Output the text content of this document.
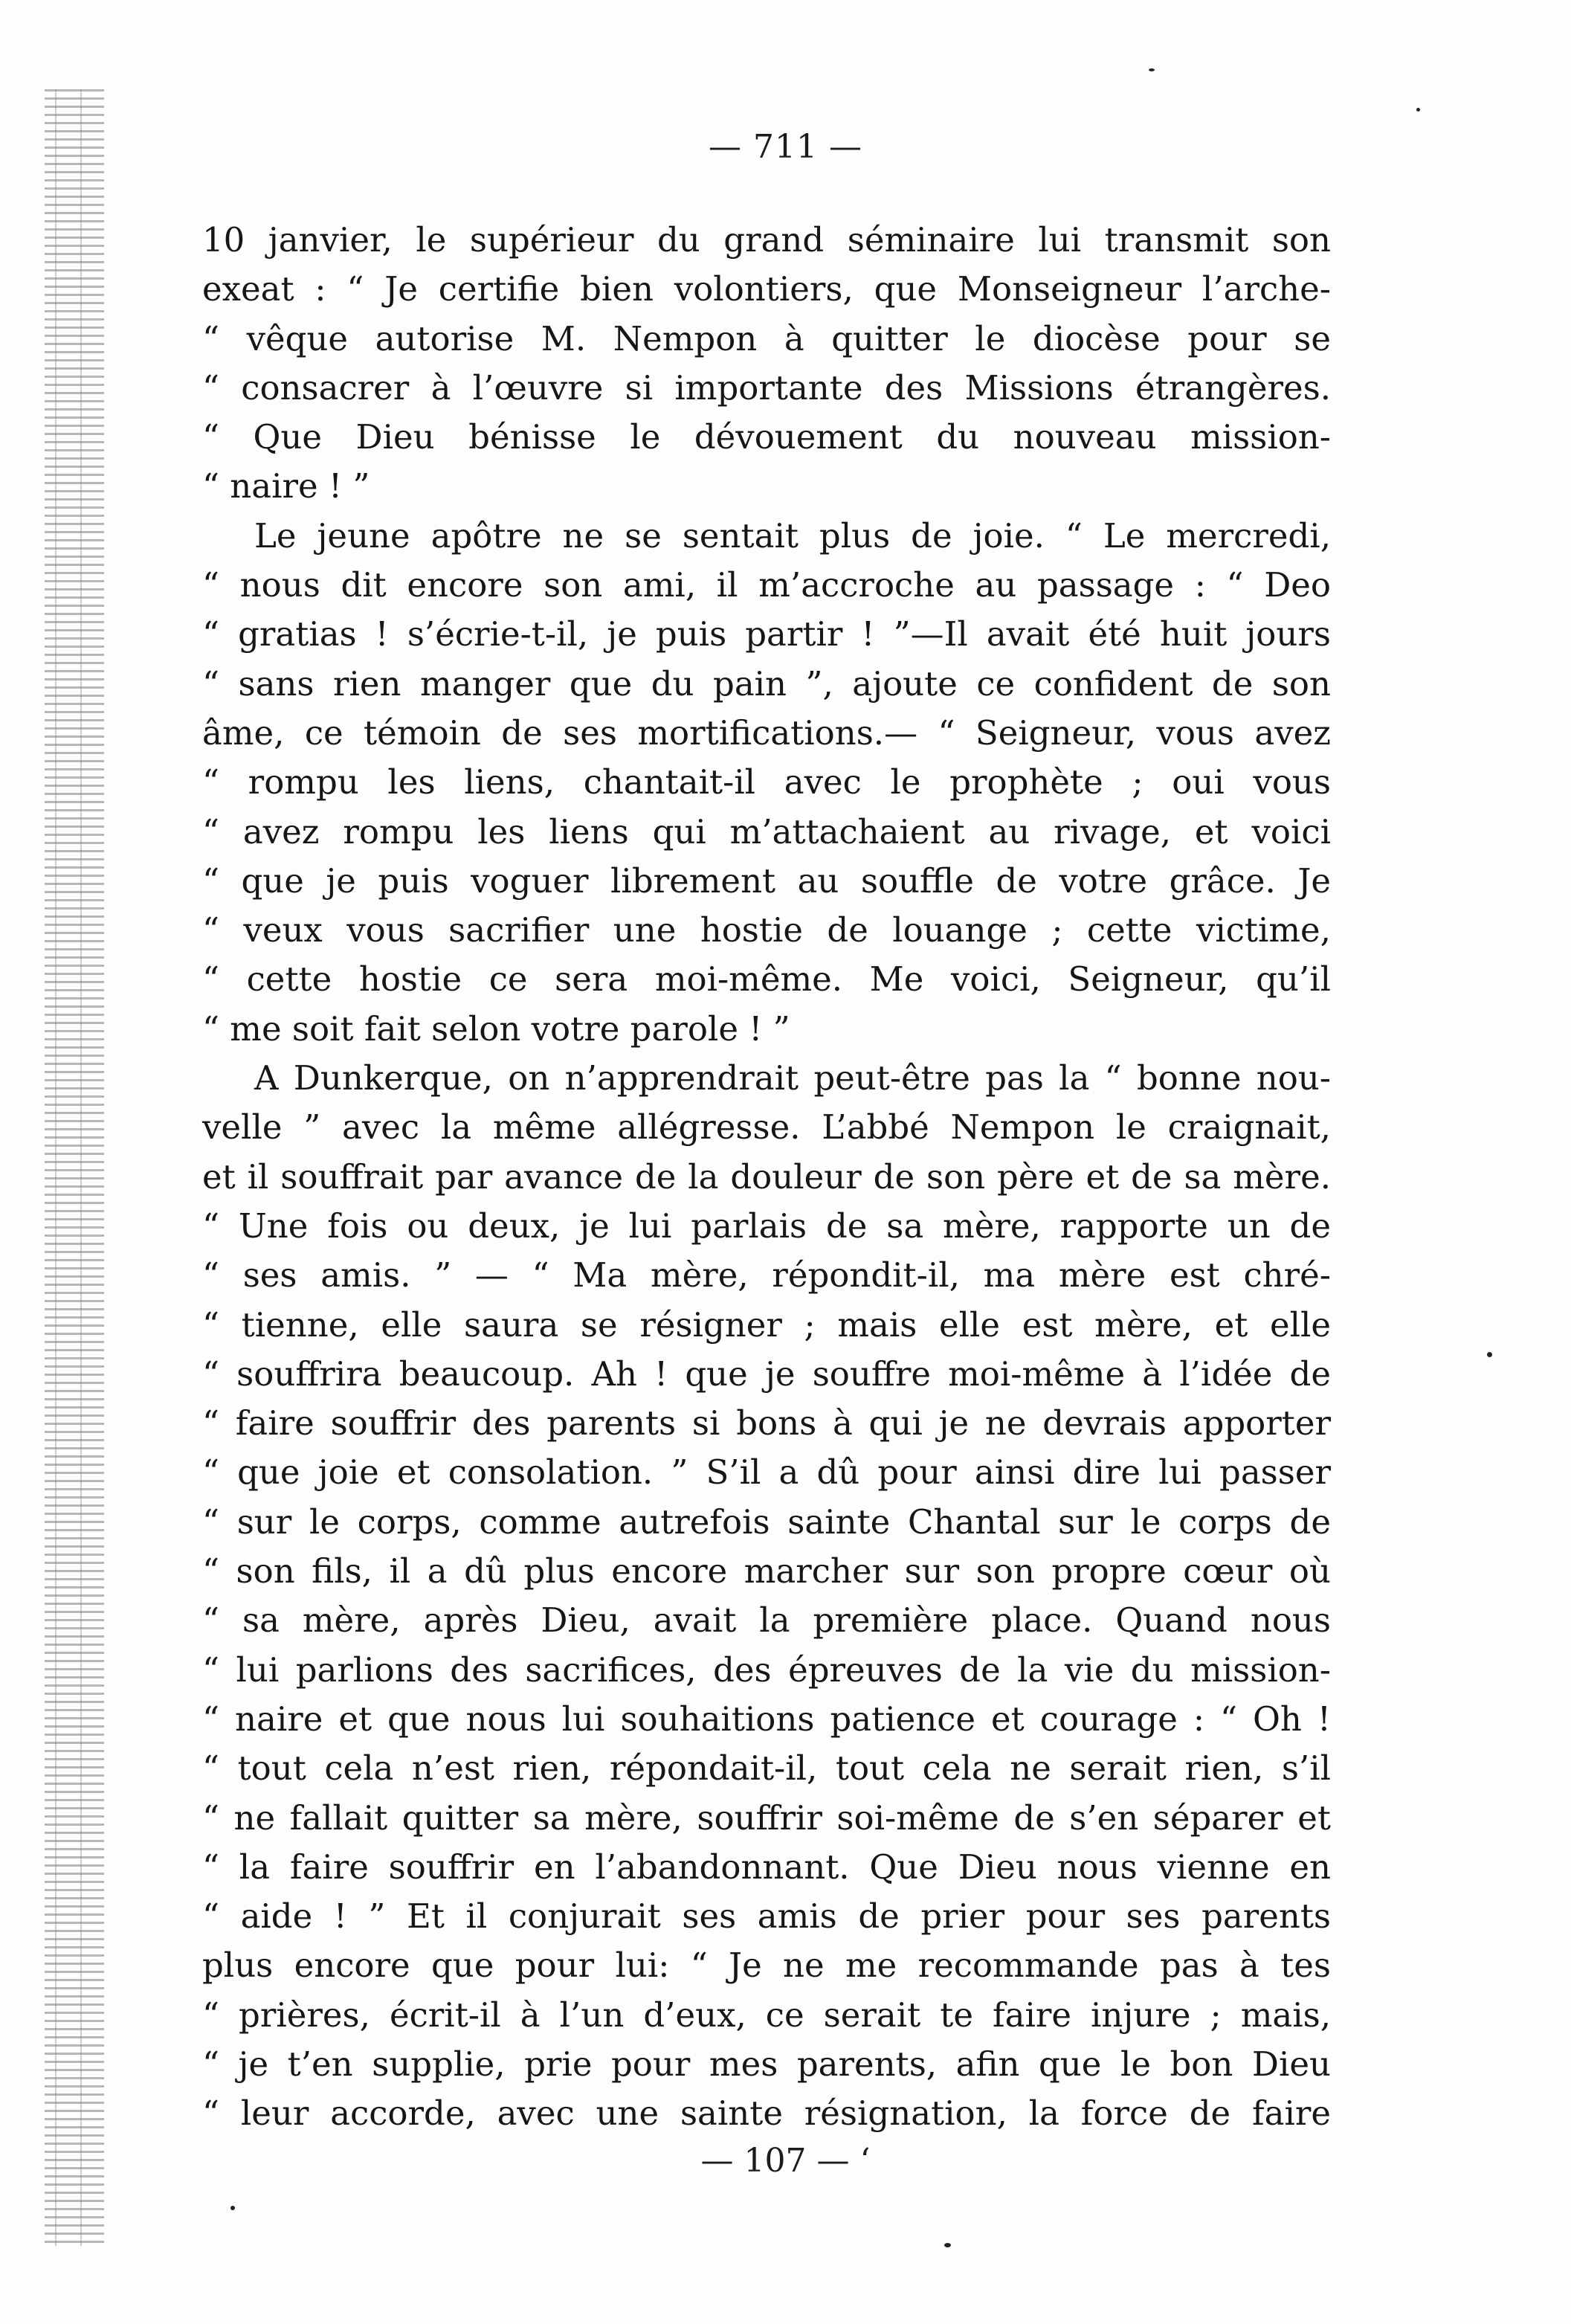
— 711 —
10 janvier, le supérieur du grand séminaire lui transmit son
exeat : “ Je certifie bien volontiers, que Monseigneur l’arche-
“ vêque autorise M. Nempon à quitter le diocèse pour se
“ consacrer à l’œuvre si importante des Missions étrangères.
“ Que Dieu bénisse le dévouement du nouveau mission-
“ naire ! ”
Le jeune apôtre ne se sentait plus de joie. “ Le mercredi,
“ nous dit encore son ami, il m’accroche au passage : “ Deo
“ gratias ! s’écrie-t-il, je puis partir ! ”—Il avait été huit jours
“ sans rien manger que du pain ”, ajoute ce confident de son
âme, ce témoin de ses mortifications.— “ Seigneur, vous avez
“ rompu les liens, chantait-il avec le prophète ; oui vous
“ avez rompu les liens qui m’attachaient au rivage, et voici
“ que je puis voguer librement au souffle de votre grâce. Je
“ veux vous sacrifier une hostie de louange ; cette victime,
“ cette hostie ce sera moi-même. Me voici, Seigneur, qu’il
“ me soit fait selon votre parole ! ”
A Dunkerque, on n’apprendrait peut-être pas la “ bonne nou-
velle ” avec la même allégresse. L’abbé Nempon le craignait,
et il souffrait par avance de la douleur de son père et de sa mère.
“ Une fois ou deux, je lui parlais de sa mère, rapporte un de
“ ses amis. ” — “ Ma mère, répondit-il, ma mère est chré-
“ tienne, elle saura se résigner ; mais elle est mère, et elle
“ souffrira beaucoup. Ah ! que je souffre moi-même à l’idée de
“ faire souffrir des parents si bons à qui je ne devrais apporter
“ que joie et consolation. ” S’il a dû pour ainsi dire lui passer
“ sur le corps, comme autrefois sainte Chantal sur le corps de
“ son fils, il a dû plus encore marcher sur son propre cœur où
“ sa mère, après Dieu, avait la première place. Quand nous
“ lui parlions des sacrifices, des épreuves de la vie du mission-
“ naire et que nous lui souhaitions patience et courage : “ Oh !
“ tout cela n’est rien, répondait-il, tout cela ne serait rien, s’il
“ ne fallait quitter sa mère, souffrir soi-même de s’en séparer et
“ la faire souffrir en l’abandonnant. Que Dieu nous vienne en
“ aide ! ” Et il conjurait ses amis de prier pour ses parents
plus encore que pour lui: “ Je ne me recommande pas à tes
“ prières, écrit-il à l’un d’eux, ce serait te faire injure ; mais,
“ je t’en supplie, prie pour mes parents, afin que le bon Dieu
“ leur accorde, avec une sainte résignation, la force de faire
— 107 — ‘
